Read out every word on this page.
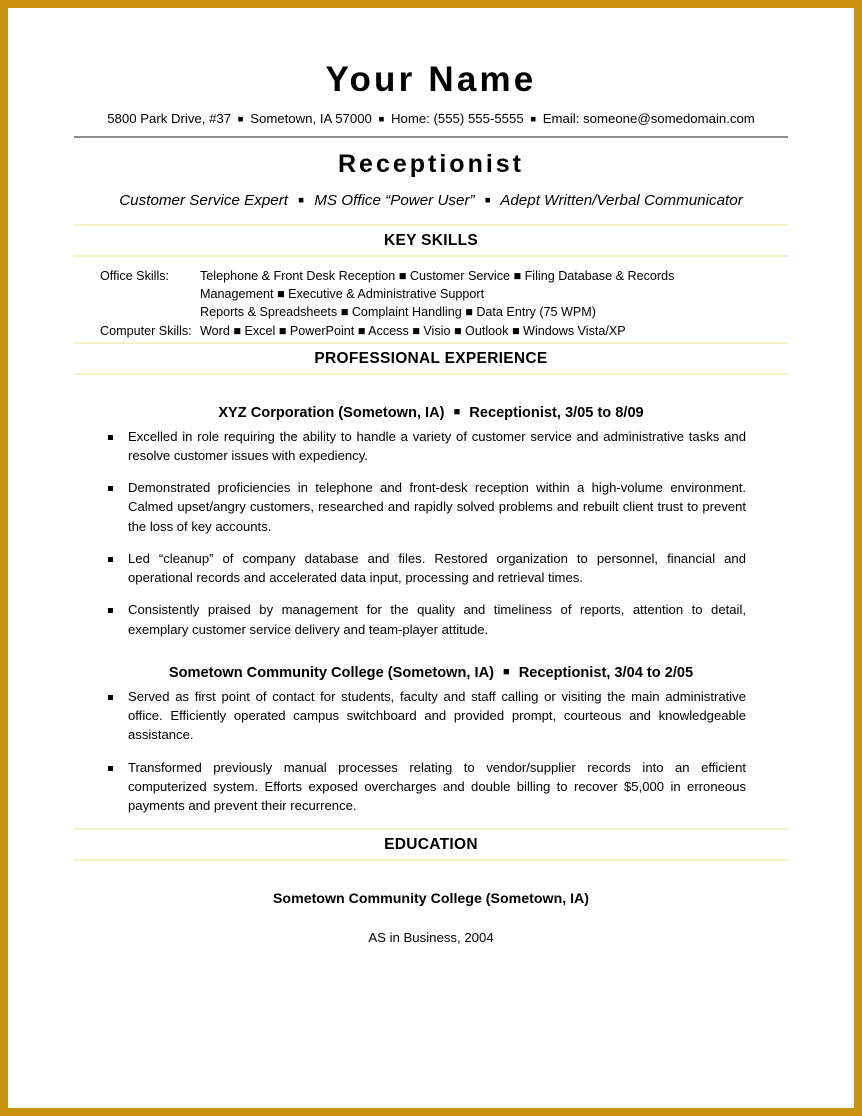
Your Name
5800 Park Drive, #37 ■ Sometown, IA 57000 ■ Home: (555) 555-5555 ■ Email: someone@somedomain.com
Receptionist
Customer Service Expert ■ MS Office “Power User” ■ Adept Written/Verbal Communicator
KEY SKILLS
Office Skills:	Telephone & Front Desk Reception ■ Customer Service ■ Filing Database & Records
Management ■ Executive & Administrative Support
Reports & Spreadsheets ■ Complaint Handling ■ Data Entry (75 WPM)
Computer Skills: Word ■ Excel ■ PowerPoint ■ Access ■ Visio ■ Outlook ■ Windows Vista/XP
PROFESSIONAL EXPERIENCE
XYZ Corporation (Sometown, IA) ■ Receptionist, 3/05 to 8/09
Excelled in role requiring the ability to handle a variety of customer service and administrative tasks and resolve customer issues with expediency.
Demonstrated proficiencies in telephone and front-desk reception within a high-volume environment. Calmed upset/angry customers, researched and rapidly solved problems and rebuilt client trust to prevent the loss of key accounts.
Led “cleanup” of company database and files. Restored organization to personnel, financial and operational records and accelerated data input, processing and retrieval times.
Consistently praised by management for the quality and timeliness of reports, attention to detail, exemplary customer service delivery and team-player attitude.
Sometown Community College (Sometown, IA) ■ Receptionist, 3/04 to 2/05
Served as first point of contact for students, faculty and staff calling or visiting the main administrative office. Efficiently operated campus switchboard and provided prompt, courteous and knowledgeable assistance.
Transformed previously manual processes relating to vendor/supplier records into an efficient computerized system. Efforts exposed overcharges and double billing to recover $5,000 in erroneous payments and prevent their recurrence.
EDUCATION
Sometown Community College (Sometown, IA)
AS in Business, 2004
